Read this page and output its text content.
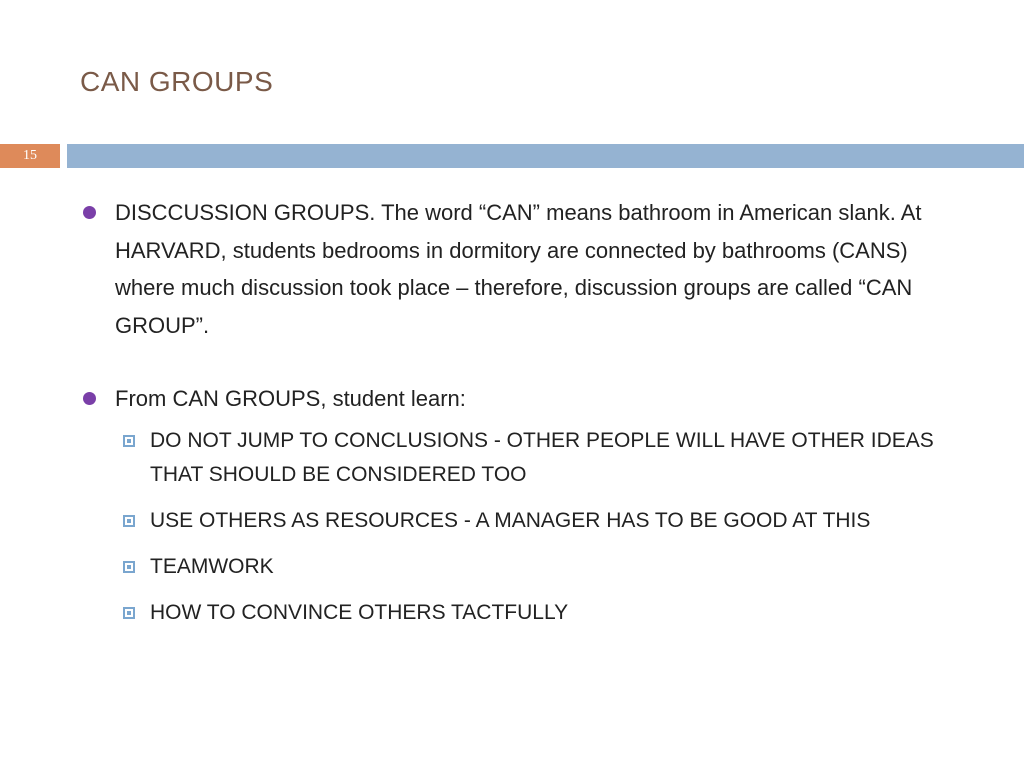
CAN GROUPS
15
DISCCUSSION GROUPS. The word “CAN” means bathroom in American slank. At HARVARD, students bedrooms in dormitory are connected by bathrooms (CANS) where much discussion took place – therefore, discussion groups are called “CAN GROUP”.
From CAN GROUPS, student learn:
DO NOT JUMP TO CONCLUSIONS - OTHER PEOPLE WILL HAVE OTHER IDEAS THAT SHOULD BE CONSIDERED TOO
USE OTHERS AS RESOURCES - A MANAGER HAS TO BE GOOD AT THIS
TEAMWORK
HOW TO CONVINCE OTHERS TACTFULLY
